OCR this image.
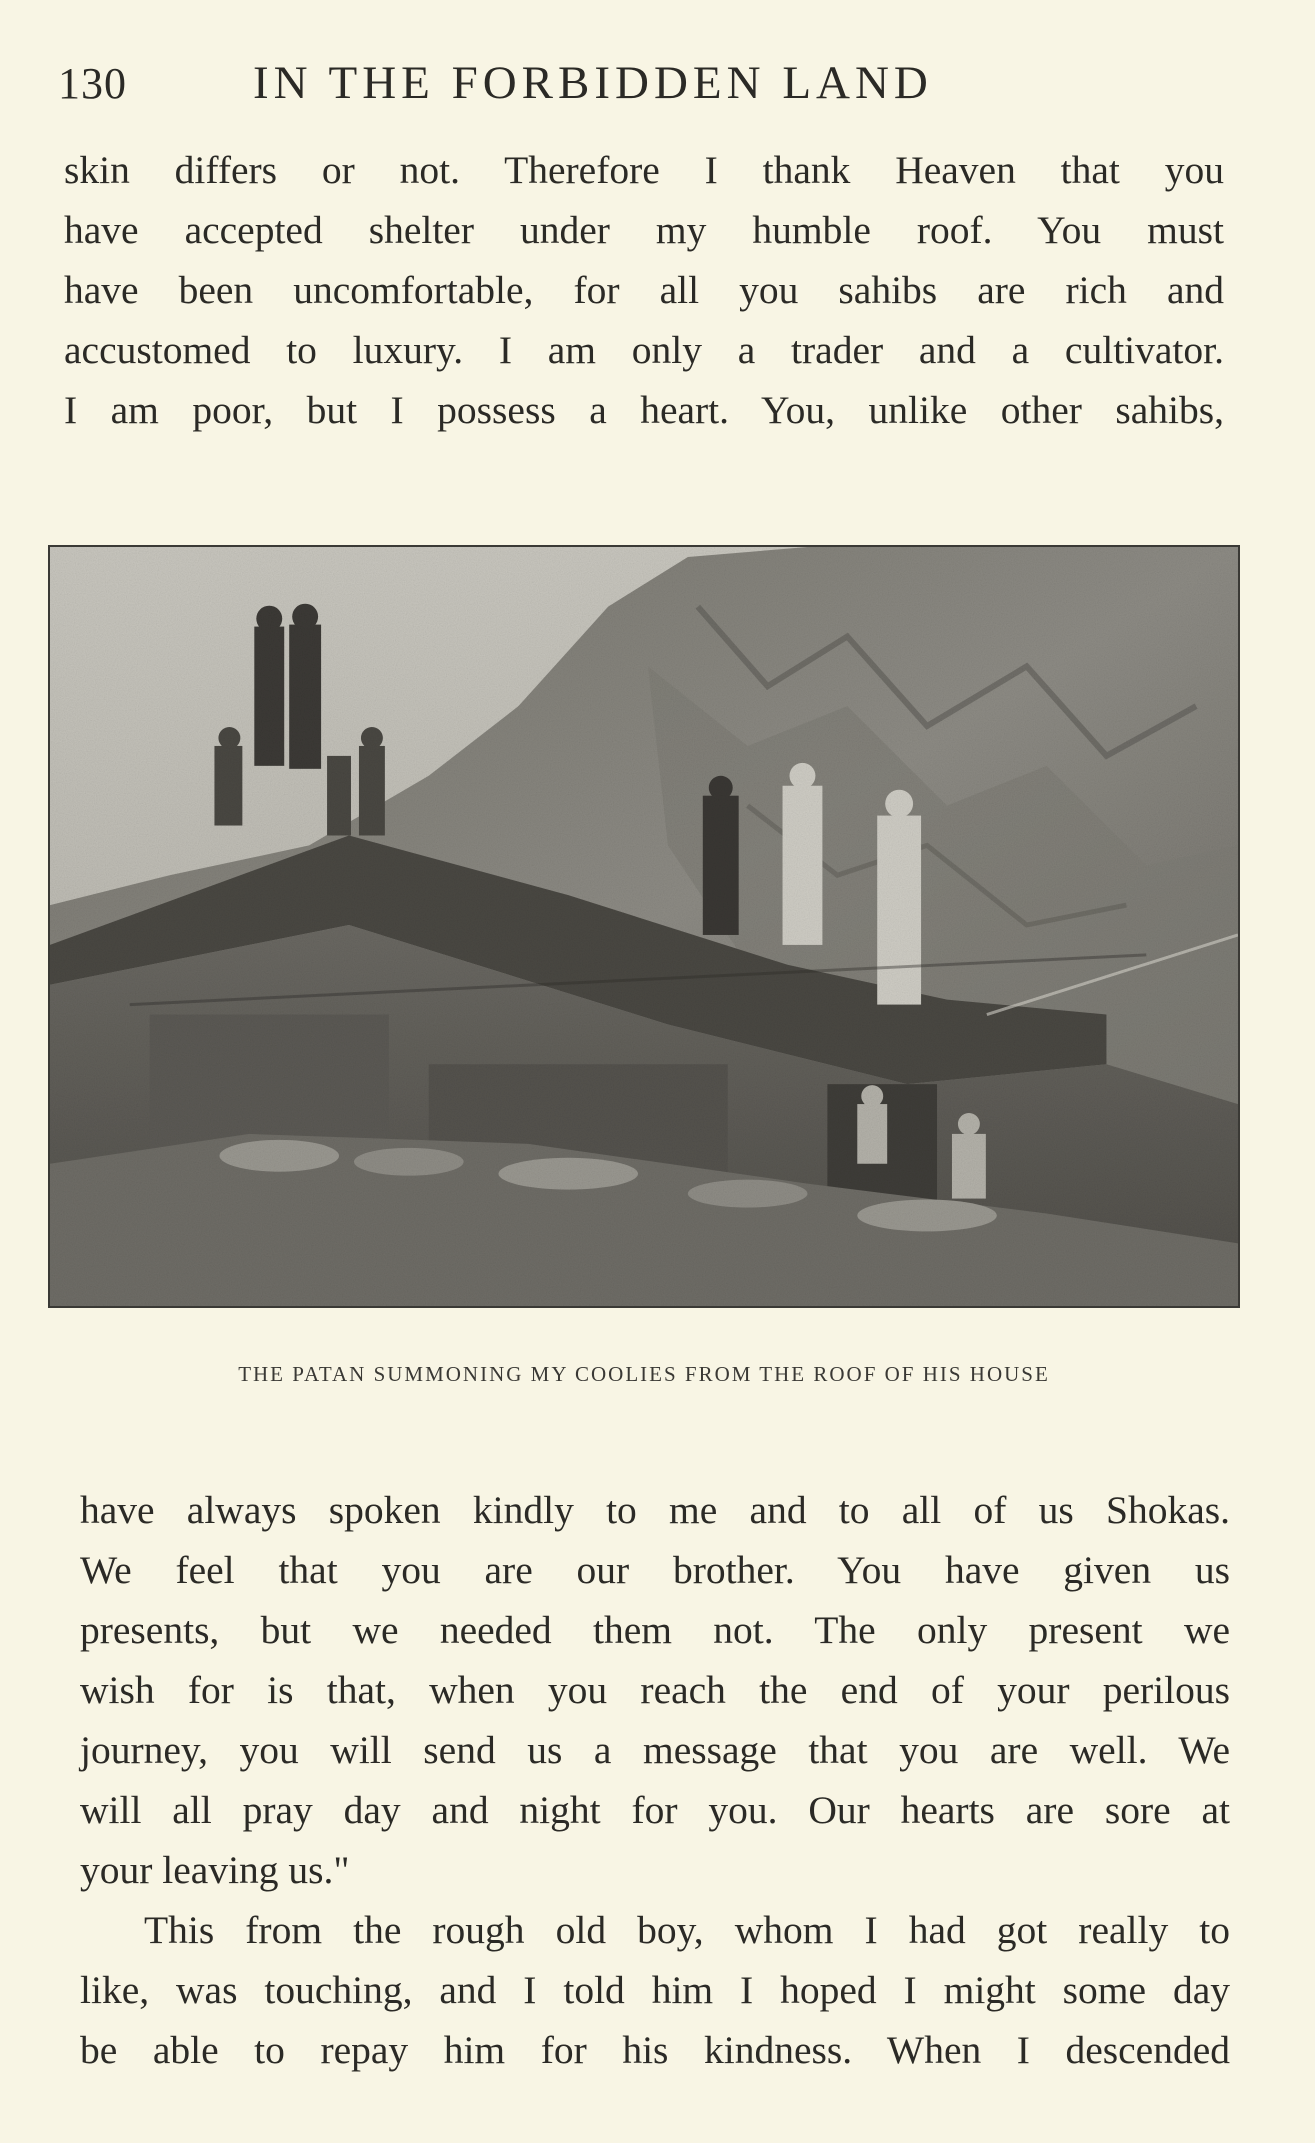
130	IN THE FORBIDDEN LAND
skin differs or not. Therefore I thank Heaven that you
have accepted shelter under my humble roof. You must
have been uncomfortable, for all you sahibs are rich and
accustomed to luxury. I am only a trader and a cultivator.
I am poor, but I possess a heart. You, unlike other sahibs,
THE PATAN SUMMONING MY COOLIES FROM THE ROOF OF HIS HOUSE
have always spoken kindly to me and to all of us Shokas.
We feel that you are our brother. You have given us
presents, but we needed them not. The only present we
wish for is that, when you reach the end of your perilous
journey, you will send us a message that you are well. We
will all pray day and night for you. Our hearts are sore at
your leaving us."
This from the rough old boy, whom I had got really to
like, was touching, and I told him I hoped I might some day
be able to repay him for his kindness. When I descended
